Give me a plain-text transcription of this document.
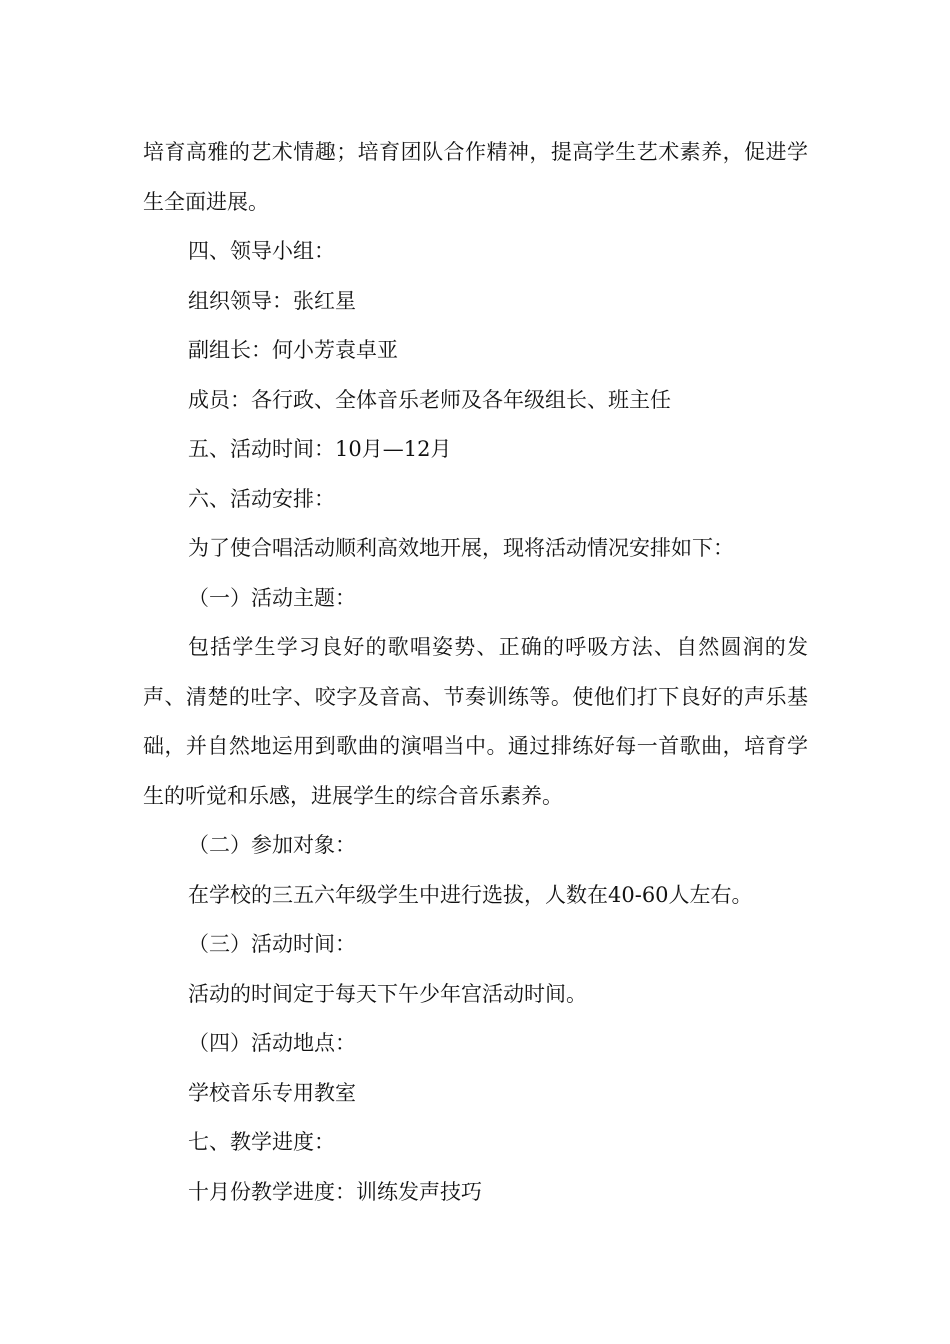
培育高雅的艺术情趣；培育团队合作精神，提高学生艺术素养，促进学生全面进展。

四、领导小组：

组织领导：张红星

副组长：何小芳袁卓亚

成员：各行政、全体音乐老师及各年级组长、班主任

五、活动时间：10月—12月

六、活动安排：

为了使合唱活动顺利高效地开展，现将活动情况安排如下：

（一）活动主题：

包括学生学习良好的歌唱姿势、正确的呼吸方法、自然圆润的发声、清楚的吐字、咬字及音高、节奏训练等。使他们打下良好的声乐基础，并自然地运用到歌曲的演唱当中。通过排练好每一首歌曲，培育学生的听觉和乐感，进展学生的综合音乐素养。

（二）参加对象：

在学校的三五六年级学生中进行选拔，人数在40-60人左右。

（三）活动时间：

活动的时间定于每天下午少年宫活动时间。

（四）活动地点：

学校音乐专用教室

七、教学进度：

十月份教学进度：训练发声技巧
